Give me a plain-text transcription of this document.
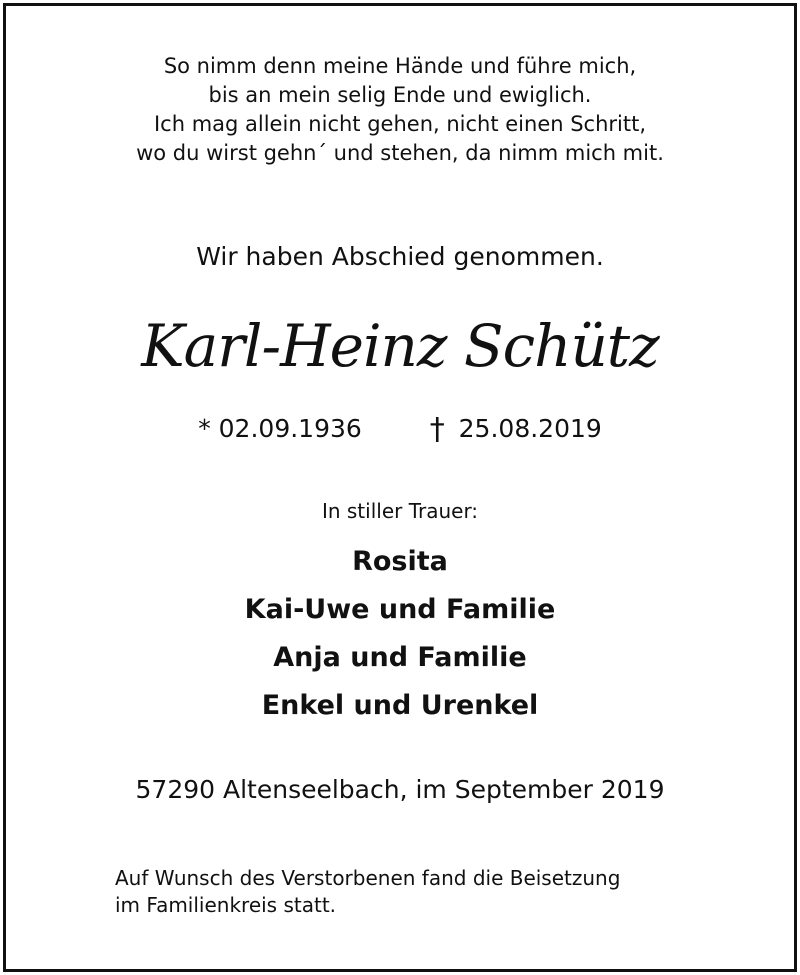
So nimm denn meine Hände und führe mich,
bis an mein selig Ende und ewiglich.
Ich mag allein nicht gehen, nicht einen Schritt,
wo du wirst gehn´ und stehen, da nimm mich mit.
Wir haben Abschied genommen.
Karl-Heinz Schütz
* 02.09.1936 † 25.08.2019
In stiller Trauer:
Rosita
Kai-Uwe und Familie
Anja und Familie
Enkel und Urenkel
57290 Altenseelbach, im September 2019
Auf Wunsch des Verstorbenen fand die Beisetzung
im Familienkreis statt.
